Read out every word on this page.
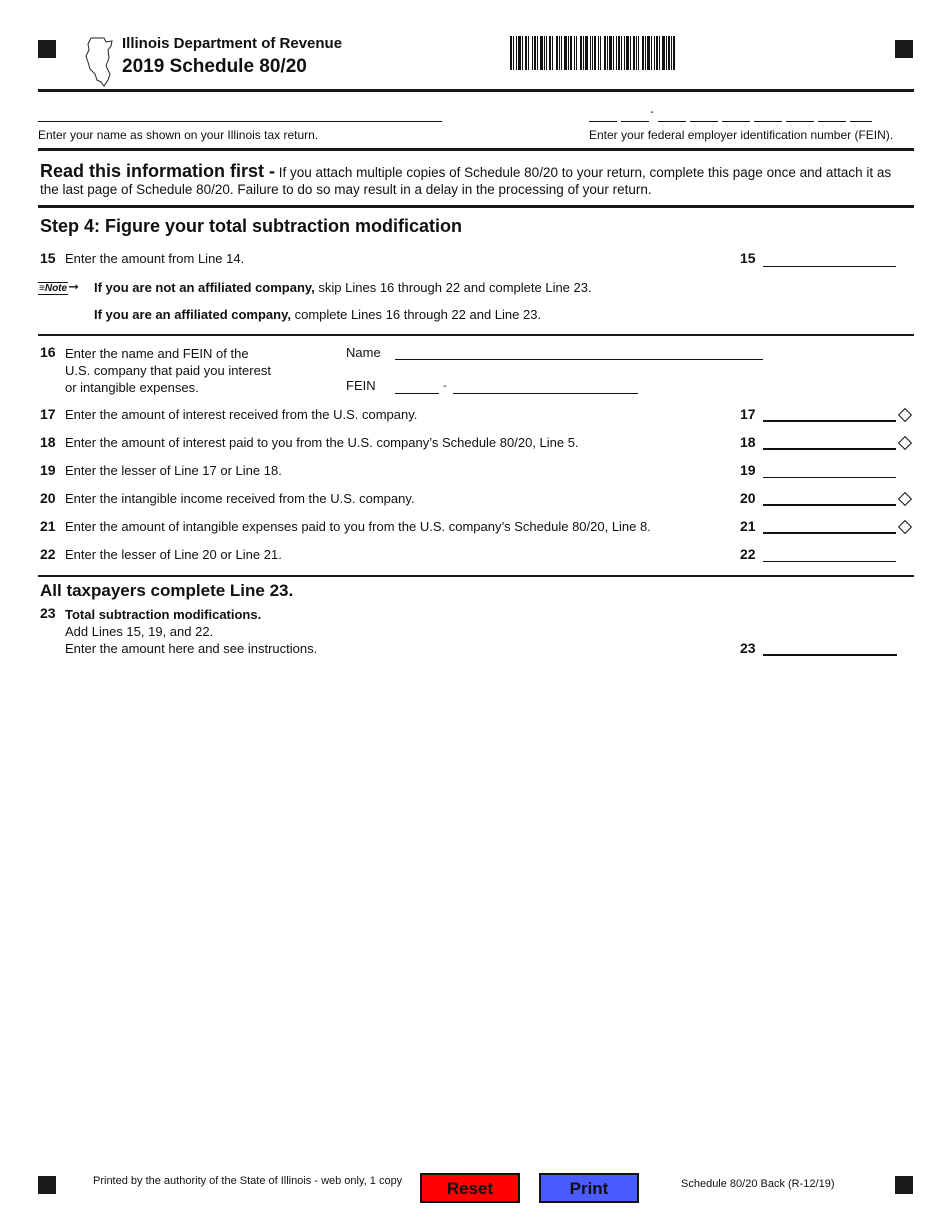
Illinois Department of Revenue
2019 Schedule 80/20
Enter your name as shown on your Illinois tax return.
-
Enter your federal employer identification number (FEIN).
Read this information first - If you attach multiple copies of Schedule 80/20 to your return, complete this page once and attach it as the last page of Schedule 80/20. Failure to do so may result in a delay in the processing of your return.
Step 4: Figure your total subtraction modification
15 Enter the amount from Line 14.	15
≡Note➞ If you are not an affiliated company, skip Lines 16 through 22 and complete Line 23.
If you are an affiliated company, complete Lines 16 through 22 and Line 23.
16 Enter the name and FEIN of the
U.S. company that paid you interest
or intangible expenses.
Name
FEIN	-
17 Enter the amount of interest received from the U.S. company.	17
18 Enter the amount of interest paid to you from the U.S. company’s Schedule 80/20, Line 5.	18
19 Enter the lesser of Line 17 or Line 18.	19
20 Enter the intangible income received from the U.S. company.	20
21 Enter the amount of intangible expenses paid to you from the U.S. company’s Schedule 80/20, Line 8.	21
22 Enter the lesser of Line 20 or Line 21.	22
All taxpayers complete Line 23.
23 Total subtraction modifications.
Add Lines 15, 19, and 22.
Enter the amount here and see instructions.	23
Printed by the authority of the State of Illinois - web only, 1 copy	Reset	Print	Schedule 80/20 Back (R-12/19)
